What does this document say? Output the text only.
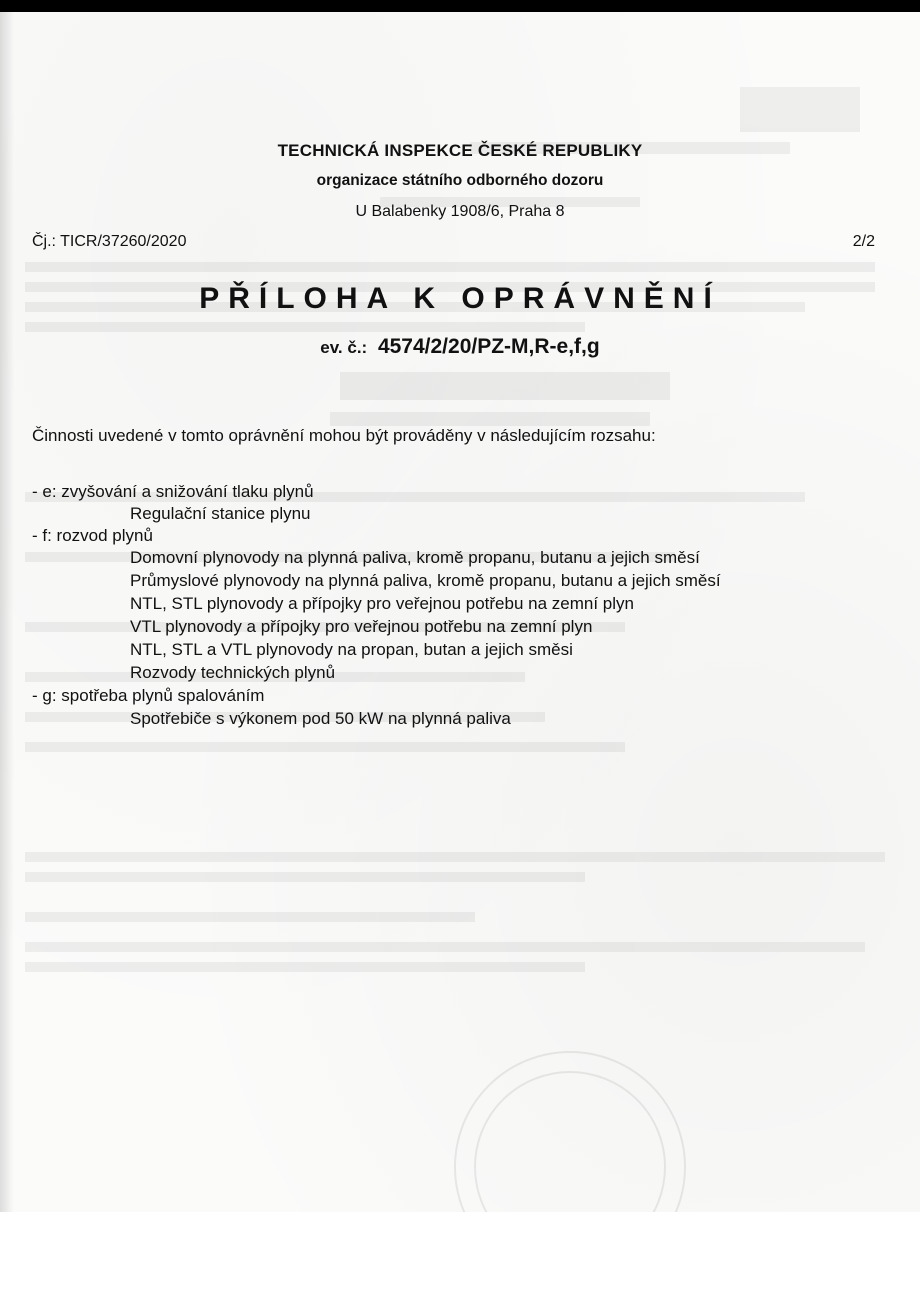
TECHNICKÁ INSPEKCE ČESKÉ REPUBLIKY
organizace státního odborného dozoru
U Balabenky 1908/6, Praha 8
Čj.: TICR/37260/2020	2/2
PŘÍLOHA K OPRÁVNĚNÍ
ev. č.: 4574/2/20/PZ-M,R-e,f,g
Činnosti uvedené v tomto oprávnění mohou být prováděny v následujícím rozsahu:
- e: zvyšování a snižování tlaku plynů
Regulační stanice plynu
- f: rozvod plynů
Domovní plynovody na plynná paliva, kromě propanu, butanu a jejich směsí
Průmyslové plynovody na plynná paliva, kromě propanu, butanu a jejich směsí
NTL, STL plynovody a přípojky pro veřejnou potřebu na zemní plyn
VTL plynovody a přípojky pro veřejnou potřebu na zemní plyn
NTL, STL a VTL plynovody na propan, butan a jejich směsi
Rozvody technických plynů
- g: spotřeba plynů spalováním
Spotřebiče s výkonem pod 50 kW na plynná paliva
